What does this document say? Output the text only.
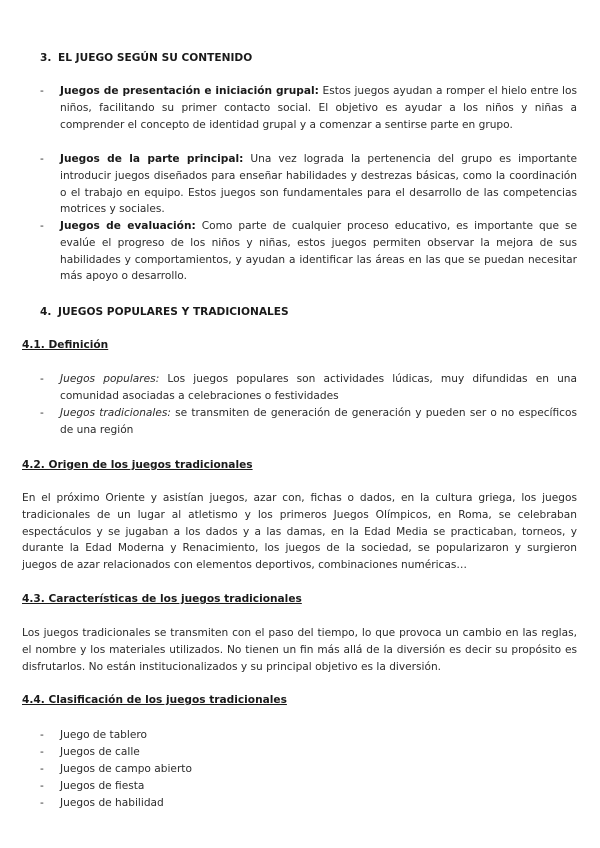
3. EL JUEGO SEGÚN SU CONTENIDO
- Juegos de presentación e iniciación grupal: Estos juegos ayudan a romper el hielo entre los niños, facilitando su primer contacto social. El objetivo es ayudar a los niños y niñas a comprender el concepto de identidad grupal y a comenzar a sentirse parte en grupo.
- Juegos de la parte principal: Una vez lograda la pertenencia del grupo es importante introducir juegos diseñados para enseñar habilidades y destrezas básicas, como la coordinación o el trabajo en equipo. Estos juegos son fundamentales para el desarrollo de las competencias motrices y sociales.
- Juegos de evaluación: Como parte de cualquier proceso educativo, es importante que se evalúe el progreso de los niños y niñas, estos juegos permiten observar la mejora de sus habilidades y comportamientos, y ayudan a identificar las áreas en las que se puedan necesitar más apoyo o desarrollo.
4. JUEGOS POPULARES Y TRADICIONALES
4.1. Definición
- Juegos populares: Los juegos populares son actividades lúdicas, muy difundidas en una comunidad asociadas a celebraciones o festividades
- Juegos tradicionales: se transmiten de generación de generación y pueden ser o no específicos de una región
4.2. Origen de los juegos tradicionales
En el próximo Oriente y asistían juegos, azar con, fichas o dados, en la cultura griega, los juegos tradicionales de un lugar al atletismo y los primeros Juegos Olímpicos, en Roma, se celebraban espectáculos y se jugaban a los dados y a las damas, en la Edad Media se practicaban, torneos, y durante la Edad Moderna y Renacimiento, los juegos de la sociedad, se popularizaron y surgieron juegos de azar relacionados con elementos deportivos, combinaciones numéricas…
4.3. Características de los juegos tradicionales
Los juegos tradicionales se transmiten con el paso del tiempo, lo que provoca un cambio en las reglas, el nombre y los materiales utilizados. No tienen un fin más allá de la diversión es decir su propósito es disfrutarlos. No están institucionalizados y su principal objetivo es la diversión.
4.4. Clasificación de los juegos tradicionales
- Juego de tablero
- Juegos de calle
- Juegos de campo abierto
- Juegos de fiesta
- Juegos de habilidad
